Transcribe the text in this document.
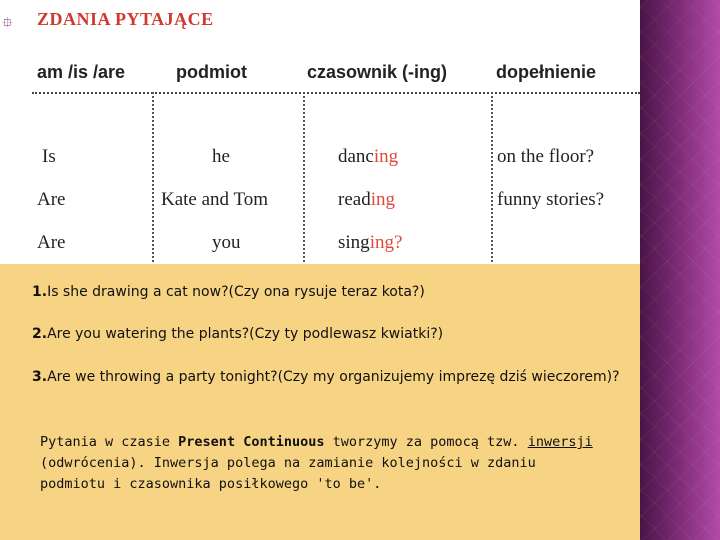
⯐ ZDANIA PYTAJĄCE
am /is /are	podmiot	czasownik (-ing)	dopełnienie
Is	he	dancing	on the floor?
Are	Kate and Tom	reading	funny stories?
Are	you	singing?
1.Is she drawing a cat now?(Czy ona rysuje teraz kota?)
2.Are you watering the plants?(Czy ty podlewasz kwiatki?)
3.Are we throwing a party tonight?(Czy my organizujemy imprezę dziś wieczorem)?
Pytania w czasie Present Continuous tworzymy za pomocą tzw. inwersji (odwrócenia). Inwersja polega na zamianie kolejności w zdaniu podmiotu i czasownika posiłkowego 'to be'.
